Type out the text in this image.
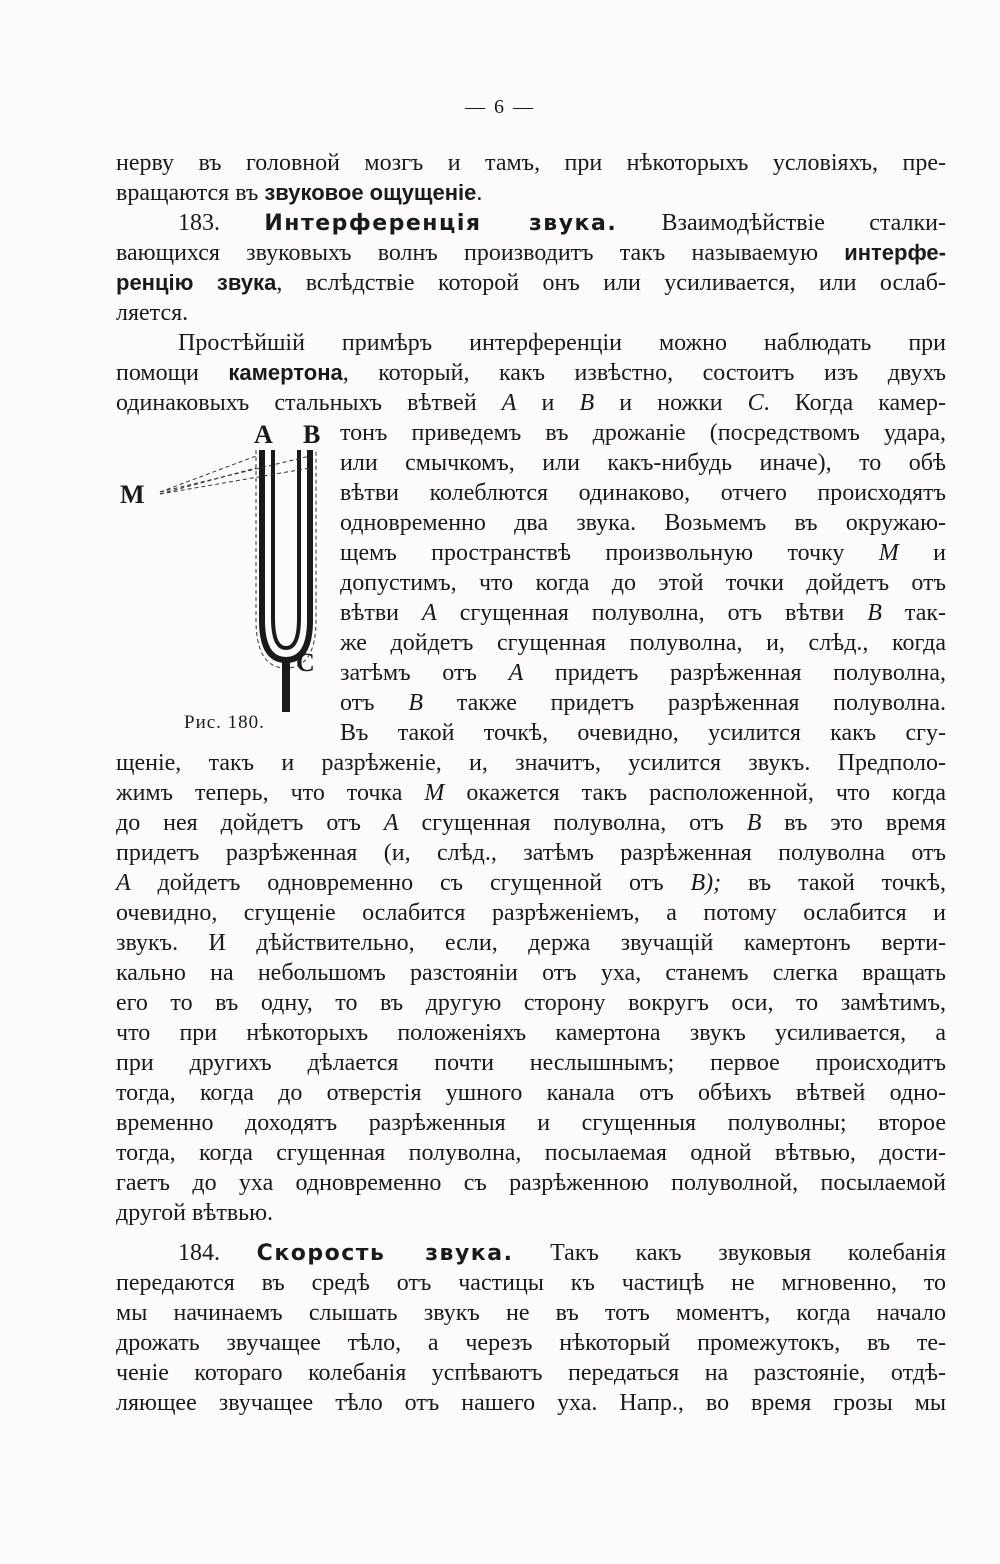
— 6 —
нерву въ головной мозгъ и тамъ, при нѣкоторыхъ условiяхъ, пре-
вращаются въ звуковое ощущенiе.
183. Интерференцiя звука. Взаимодѣйствiе сталки-
вающихся звуковыхъ волнъ производитъ такъ называемую интерфе-
ренцiю звука, вслѣдствiе которой онъ или усиливается, или ослаб-
ляется.
Простѣйшiй примѣръ интерференцiи можно наблюдать при
помощи камертона, который, какъ извѣстно, состоитъ изъ двухъ
одинаковыхъ стальныхъ вѣтвей A и B и ножки C. Когда камер-
A B
C
M
Рис. 180.
тонъ приведемъ въ дрожанiе (посредствомъ удара,
или смычкомъ, или какъ-нибудь иначе), то обѣ
вѣтви колеблются одинаково, отчего происходятъ
одновременно два звука. Возьмемъ въ окружаю-
щемъ пространствѣ произвольную точку M и
допустимъ, что когда до этой точки дойдетъ отъ
вѣтви A сгущенная полуволна, отъ вѣтви B так-
же дойдетъ сгущенная полуволна, и, слѣд., когда
затѣмъ отъ A придетъ разрѣженная полуволна,
отъ B также придетъ разрѣженная полуволна.
Въ такой точкѣ, очевидно, усилится какъ сгу-
щенiе, такъ и разрѣженiе, и, значитъ, усилится звукъ. Предполо-
жимъ теперь, что точка M окажется такъ расположенной, что когда
до нея дойдетъ отъ A сгущенная полуволна, отъ B въ это время
придетъ разрѣженная (и, слѣд., затѣмъ разрѣженная полуволна отъ
A дойдетъ одновременно съ сгущенной отъ B); въ такой точкѣ,
очевидно, сгущенiе ослабится разрѣженiемъ, а потому ослабится и
звукъ. И дѣйствительно, если, держа звучащiй камертонъ верти-
кально на небольшомъ разстоянiи отъ уха, станемъ слегка вращать
его то въ одну, то въ другую сторону вокругъ оси, то замѣтимъ,
что при нѣкоторыхъ положенiяхъ камертона звукъ усиливается, а
при другихъ дѣлается почти неслышнымъ; первое происходитъ
тогда, когда до отверстiя ушного канала отъ обѣихъ вѣтвей одно-
временно доходятъ разрѣженныя и сгущенныя полуволны; второе
тогда, когда сгущенная полуволна, посылаемая одной вѣтвью, дости-
гаетъ до уха одновременно съ разрѣженною полуволной, посылаемой
другой вѣтвью.
184. Скорость звука. Такъ какъ звуковыя колебанiя
передаются въ средѣ отъ частицы къ частицѣ не мгновенно, то
мы начинаемъ слышать звукъ не въ тотъ моментъ, когда начало
дрожать звучащее тѣло, а черезъ нѣкоторый промежутокъ, въ те-
ченiе котораго колебанiя успѣваютъ передаться на разстоянiе, отдѣ-
ляющее звучащее тѣло отъ нашего уха. Напр., во время грозы мы
